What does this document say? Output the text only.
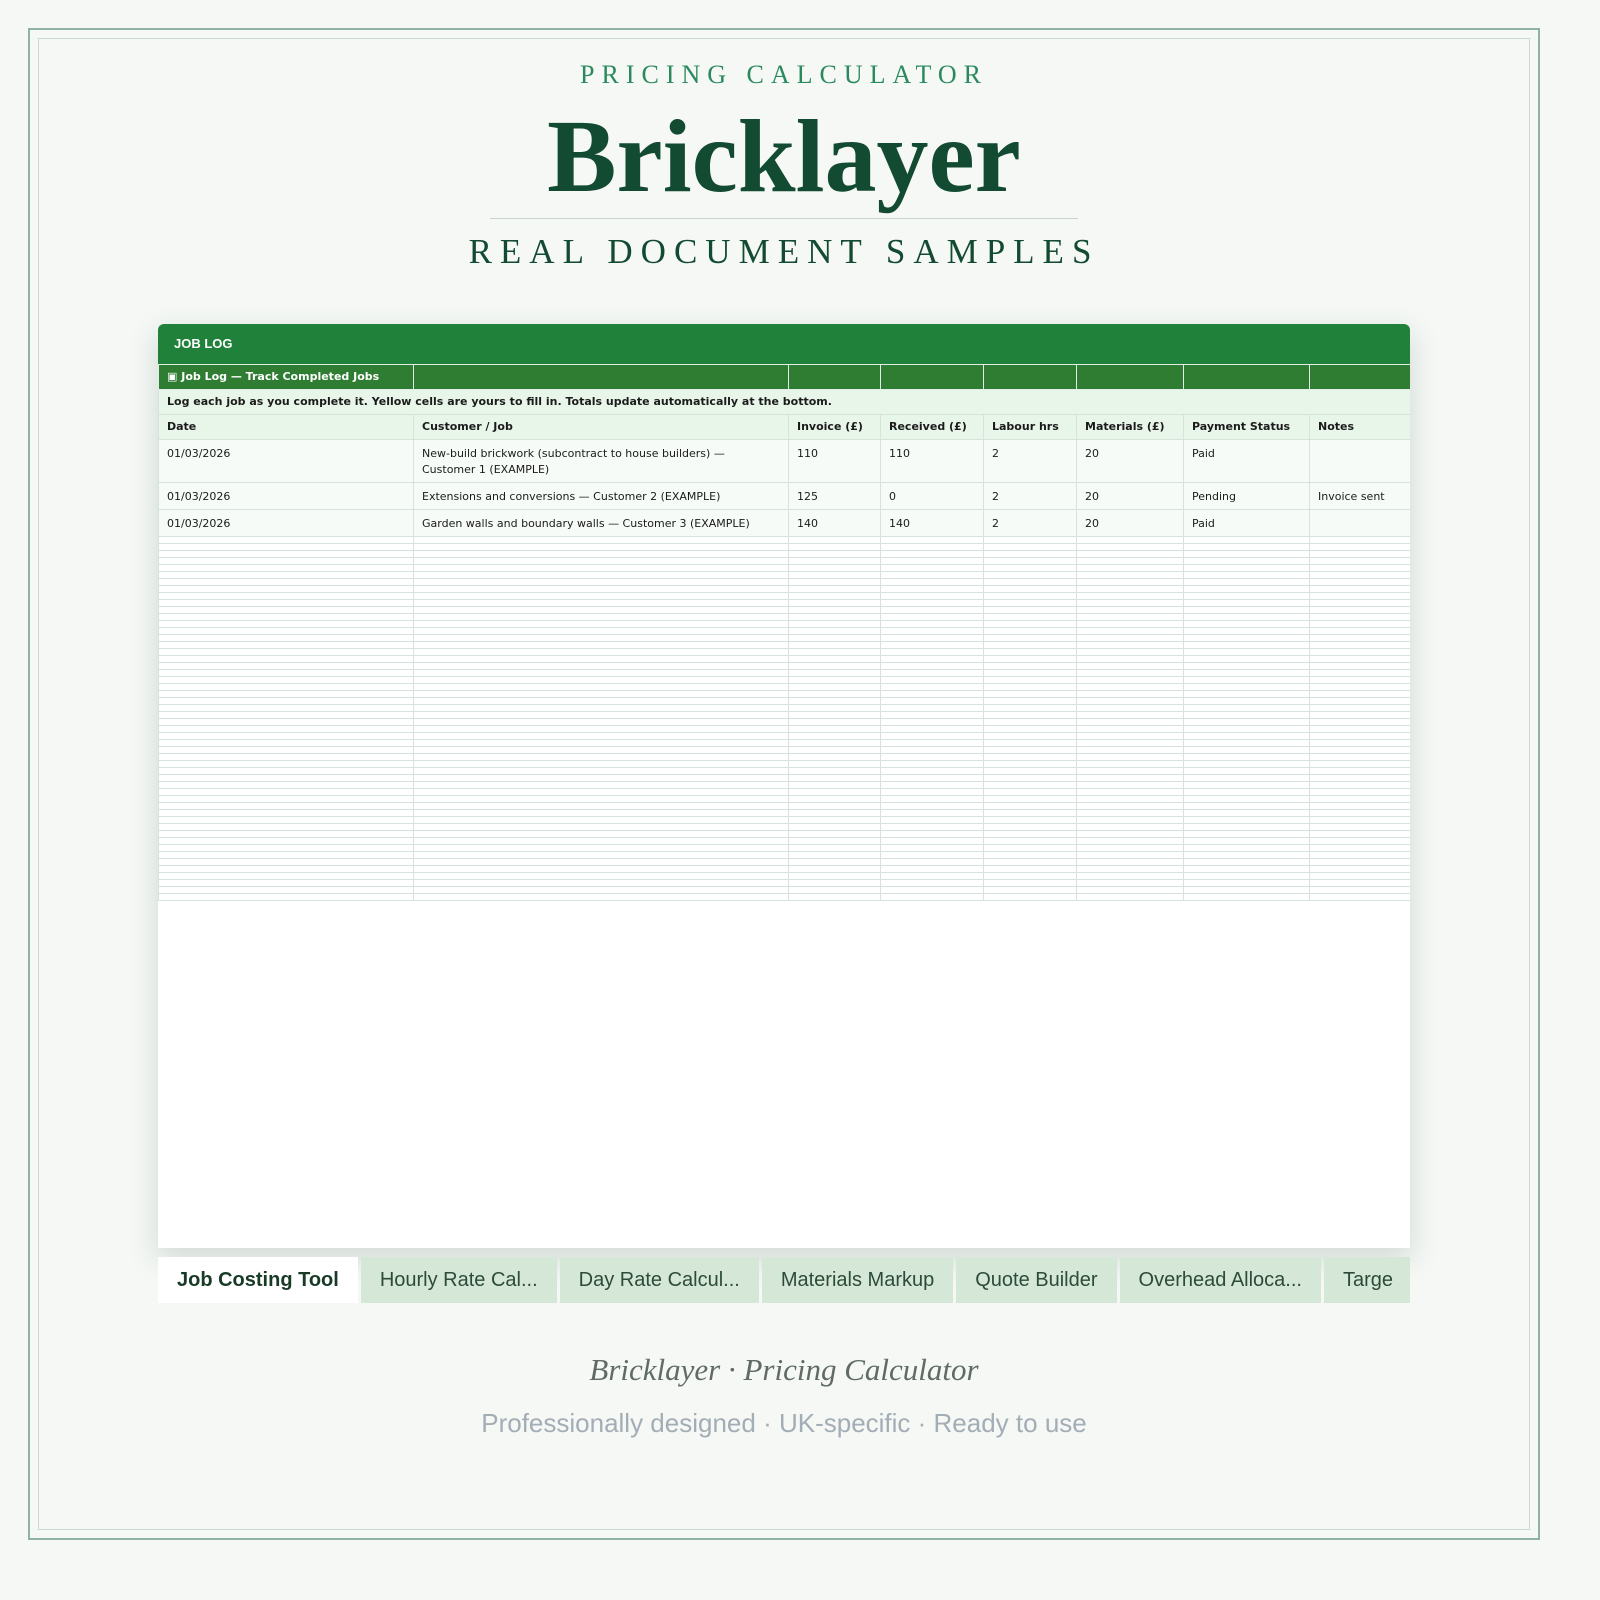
PRICING CALCULATOR
Bricklayer
REAL DOCUMENT SAMPLES
JOB LOG
▣ Job Log — Track Completed Jobs							
Log each job as you complete it. Yellow cells are yours to fill in. Totals update automatically at the bottom.							
Date	Customer / Job	Invoice (£)	Received (£)	Labour hrs	Materials (£)	Payment Status	Notes
01/03/2026	New-build brickwork (subcontract to house builders) — Customer 1 (EXAMPLE)	110	110	2	20	Paid	
01/03/2026	Extensions and conversions — Customer 2 (EXAMPLE)	125	0	2	20	Pending	Invoice sent
01/03/2026	Garden walls and boundary walls — Customer 3 (EXAMPLE)	140	140	2	20	Paid	

Job Costing Tool Hourly Rate Cal... Day Rate Calcul... Materials Markup Quote Builder Overhead Alloca... Targe
Bricklayer · Pricing Calculator
Professionally designed · UK-specific · Ready to use
